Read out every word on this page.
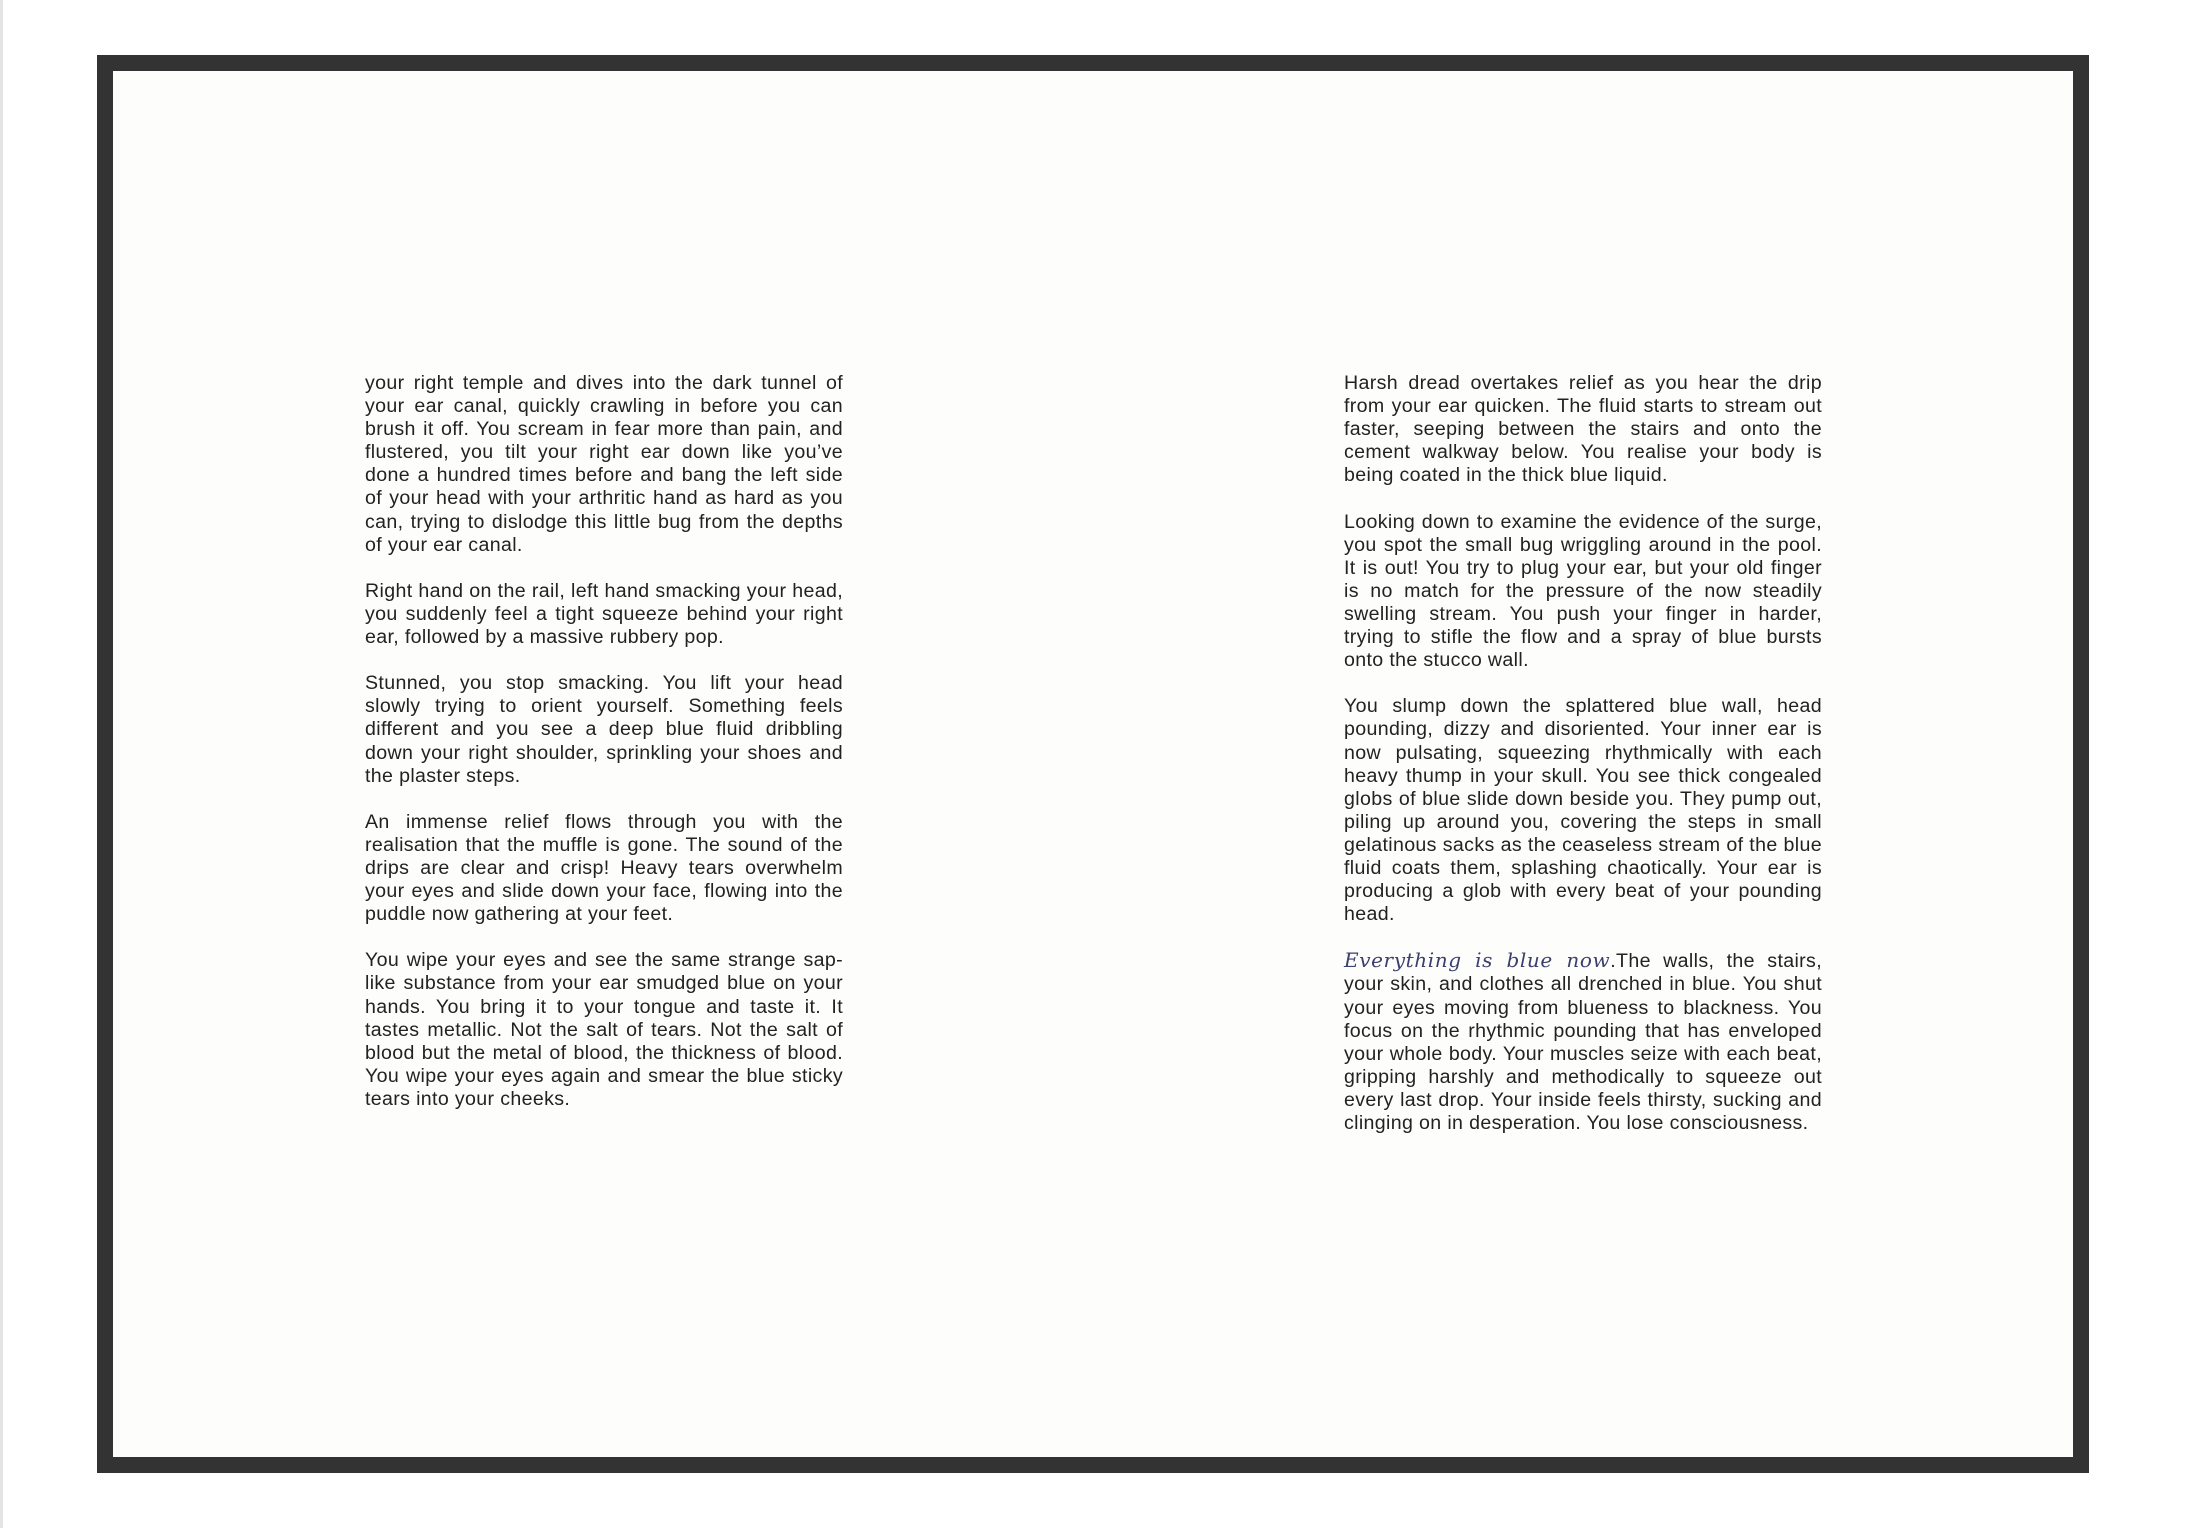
your right temple and dives into the dark tunnel of your ear canal, quickly crawling in before you can brush it off. You scream in fear more than pain, and flustered, you tilt your right ear down like you’ve done a hundred times before and bang the left side of your head with your arthritic hand as hard as you can, trying to dislodge this little bug from the depths of your ear canal.

Right hand on the rail, left hand smacking your head, you suddenly feel a tight squeeze behind your right ear, followed by a massive rubbery pop.

Stunned, you stop smacking. You lift your head slowly trying to orient yourself. Something feels different and you see a deep blue fluid dribbling down your right shoulder, sprinkling your shoes and the plaster steps.

An immense relief flows through you with the realisation that the muffle is gone. The sound of the drips are clear and crisp! Heavy tears overwhelm your eyes and slide down your face, flowing into the puddle now gathering at your feet.

You wipe your eyes and see the same strange sap-like substance from your ear smudged blue on your hands. You bring it to your tongue and taste it. It tastes metallic. Not the salt of tears. Not the salt of blood but the metal of blood, the thickness of blood. You wipe your eyes again and smear the blue sticky tears into your cheeks.

Harsh dread overtakes relief as you hear the drip from your ear quicken. The fluid starts to stream out faster, seeping between the stairs and onto the cement walkway below. You realise your body is being coated in the thick blue liquid.

Looking down to examine the evidence of the surge, you spot the small bug wriggling around in the pool. It is out! You try to plug your ear, but your old finger is no match for the pressure of the now steadily swelling stream. You push your finger in harder, trying to stifle the flow and a spray of blue bursts onto the stucco wall.

You slump down the splattered blue wall, head pounding, dizzy and disoriented. Your inner ear is now pulsating, squeezing rhythmically with each heavy thump in your skull. You see thick congealed globs of blue slide down beside you. They pump out, piling up around you, covering the steps in small gelatinous sacks as the ceaseless stream of the blue fluid coats them, splashing chaotically. Your ear is producing a glob with every beat of your pounding head.

Everything is blue now.The walls, the stairs, your skin, and clothes all drenched in blue. You shut your eyes moving from blueness to blackness. You focus on the rhythmic pounding that has enveloped your whole body. Your muscles seize with each beat, gripping harshly and methodically to squeeze out every last drop. Your inside feels thirsty, sucking and clinging on in desperation. You lose consciousness.
